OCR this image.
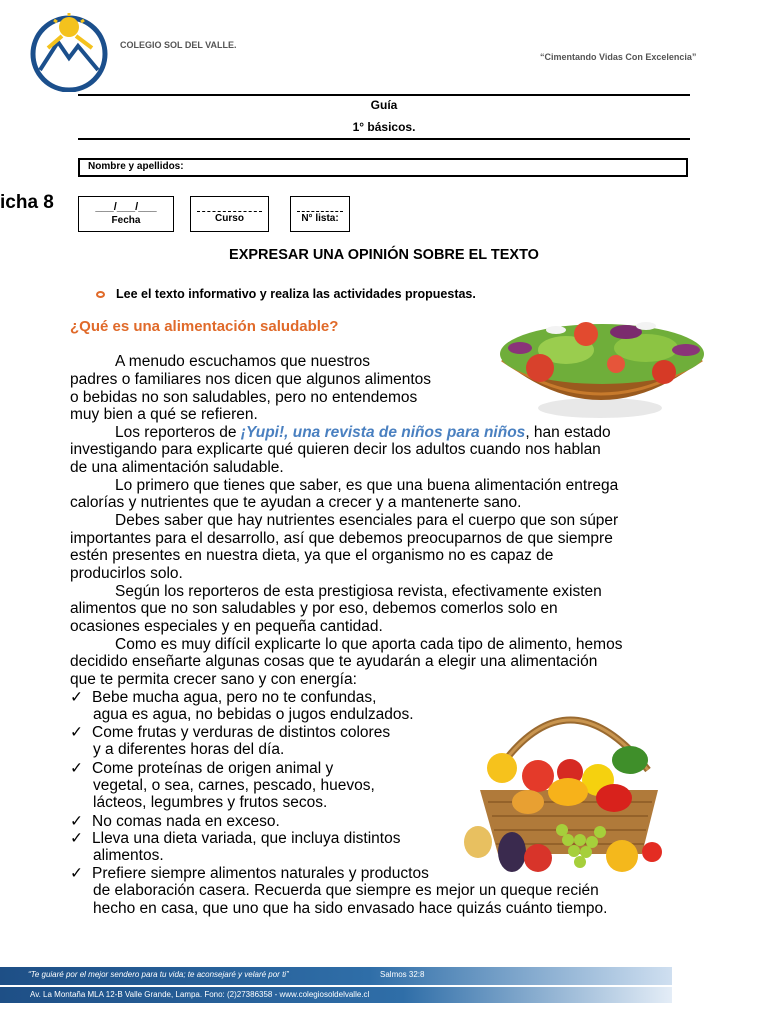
COLEGIO SOL DEL VALLE.
“Cimentando Vidas Con Excelencia”
Guía
1° básicos.
Nombre y apellidos:
icha 8	___/___/___
Fecha	Curso	N° lista:
EXPRESAR UNA OPINIÓN SOBRE EL TEXTO
Lee el texto informativo y realiza las actividades propuestas.
¿Qué es una alimentación saludable?
A menudo escuchamos que nuestros
padres o familiares nos dicen que algunos alimentos
o bebidas no son saludables, pero no entendemos
muy bien a qué se refieren.
Los reporteros de ¡Yupi!, una revista de niños para niños, han estado
investigando para explicarte qué quieren decir los adultos cuando nos hablan
de una alimentación saludable.
Lo primero que tienes que saber, es que una buena alimentación entrega
calorías y nutrientes que te ayudan a crecer y a mantenerte sano.
Debes saber que hay nutrientes esenciales para el cuerpo que son súper
importantes para el desarrollo, así que debemos preocuparnos de que siempre
estén presentes en nuestra dieta, ya que el organismo no es capaz de
producirlos solo.
Según los reporteros de esta prestigiosa revista, efectivamente existen
alimentos que no son saludables y por eso, debemos comerlos solo en
ocasiones especiales y en pequeña cantidad.
Como es muy difícil explicarte lo que aporta cada tipo de alimento, hemos
decidido enseñarte algunas cosas que te ayudarán a elegir una alimentación
que te permita crecer sano y con energía:
✓ Bebe mucha agua, pero no te confundas,
agua es agua, no bebidas o jugos endulzados.
✓ Come frutas y verduras de distintos colores
y a diferentes horas del día.
✓ Come proteínas de origen animal y
vegetal, o sea, carnes, pescado, huevos,
lácteos, legumbres y frutos secos.
✓ No comas nada en exceso.
✓ Lleva una dieta variada, que incluya distintos
alimentos.
✓ Prefiere siempre alimentos naturales y productos
de elaboración casera. Recuerda que siempre es mejor un queque recién
hecho en casa, que uno que ha sido envasado hace quizás cuánto tiempo.
“Te guiaré por el mejor sendero para tu vida; te aconsejaré y velaré por ti”	Salmos 32:8
Av. La Montaña MLA 12-B Valle Grande, Lampa. Fono: (2)27386358 - www.colegiosoldelvalle.cl
